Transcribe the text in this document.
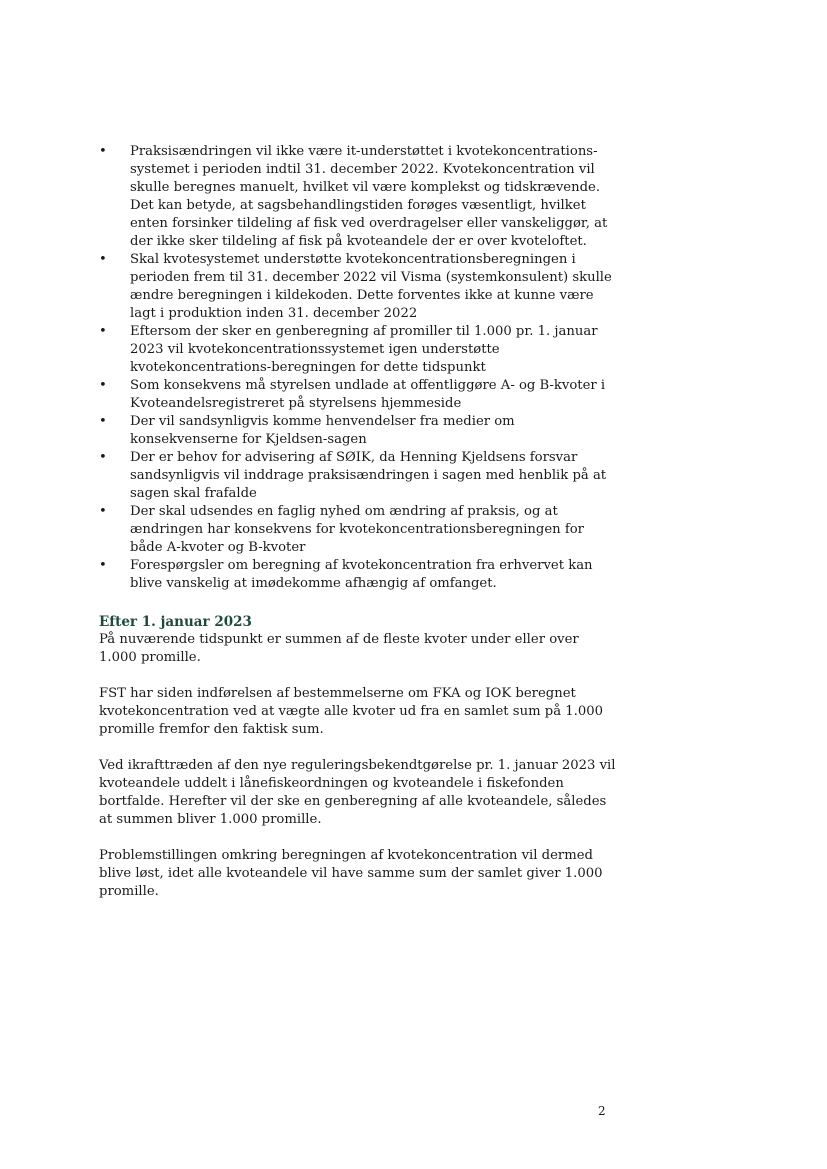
• Praksisændringen vil ikke være it-understøttet i kvotekoncentrations-systemet i perioden indtil 31. december 2022. Kvotekoncentration vil skulle beregnes manuelt, hvilket vil være komplekst og tidskrævende. Det kan betyde, at sagsbehandlingstiden forøges væsentligt, hvilket enten forsinker tildeling af fisk ved overdragelser eller vanskeliggør, at der ikke sker tildeling af fisk på kvoteandele der er over kvoteloftet.
• Skal kvotesystemet understøtte kvotekoncentrationsberegningen i perioden frem til 31. december 2022 vil Visma (systemkonsulent) skulle ændre beregningen i kildekoden. Dette forventes ikke at kunne være lagt i produktion inden 31. december 2022
• Eftersom der sker en genberegning af promiller til 1.000 pr. 1. januar 2023 vil kvotekoncentrationssystemet igen understøtte kvotekoncentrations-beregningen for dette tidspunkt
• Som konsekvens må styrelsen undlade at offentliggøre A- og B-kvoter i Kvoteandelsregistreret på styrelsens hjemmeside
• Der vil sandsynligvis komme henvendelser fra medier om konsekvenserne for Kjeldsen-sagen
• Der er behov for advisering af SØIK, da Henning Kjeldsens forsvar sandsynligvis vil inddrage praksisændringen i sagen med henblik på at sagen skal frafalde
• Der skal udsendes en faglig nyhed om ændring af praksis, og at ændringen har konsekvens for kvotekoncentrationsberegningen for både A-kvoter og B-kvoter
• Forespørgsler om beregning af kvotekoncentration fra erhvervet kan blive vanskelig at imødekomme afhængig af omfanget.
Efter 1. januar 2023

På nuværende tidspunkt er summen af de fleste kvoter under eller over 1.000 promille.

FST har siden indførelsen af bestemmelserne om FKA og IOK beregnet kvotekoncentration ved at vægte alle kvoter ud fra en samlet sum på 1.000 promille fremfor den faktisk sum.

Ved ikrafttræden af den nye reguleringsbekendtgørelse pr. 1. januar 2023 vil kvoteandele uddelt i lånefiskeordningen og kvoteandele i fiskefonden bortfalde. Herefter vil der ske en genberegning af alle kvoteandele, således at summen bliver 1.000 promille.

Problemstillingen omkring beregningen af kvotekoncentration vil dermed blive løst, idet alle kvoteandele vil have samme sum der samlet giver 1.000 promille.

2
